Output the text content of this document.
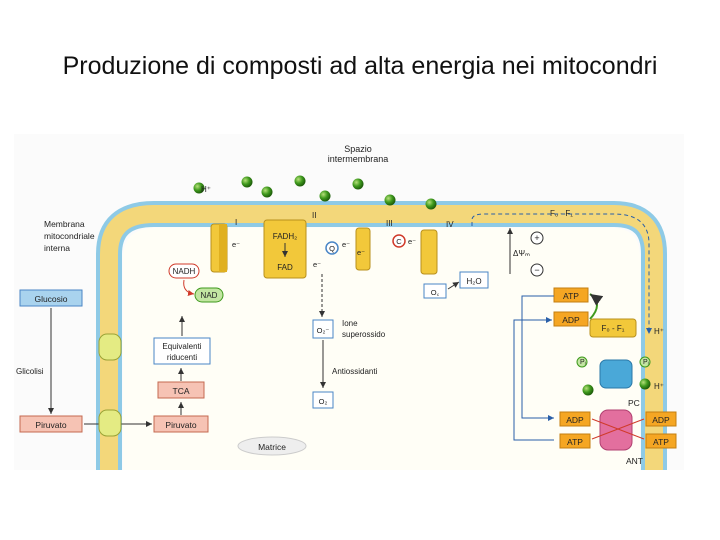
Produzione di composti ad alta energia nei mitocondri
Spazio
intermembrana
Membrana
interna
mitocondriale
H⁺
I
e⁻
II
FADH₂
FAD	e⁻
Q e⁻
III
e⁻
C e⁻
IV
O꜀
H₂O
NADH
NAD
O₂⁻
Ione
superossido
Antiossidanti
O₂
Glucosio
Glicolisi
Piruvato	Piruvato
TCA
Equivalenti
riducenti
Matrice
F₀ - F₁
+
ΔΨₘ
−
ATP
ADP
F₀ - F₁	H⁺
Pᵢ	Pᵢ
H⁺
PC
ADP	ADP
ATP	ATP
ANT
